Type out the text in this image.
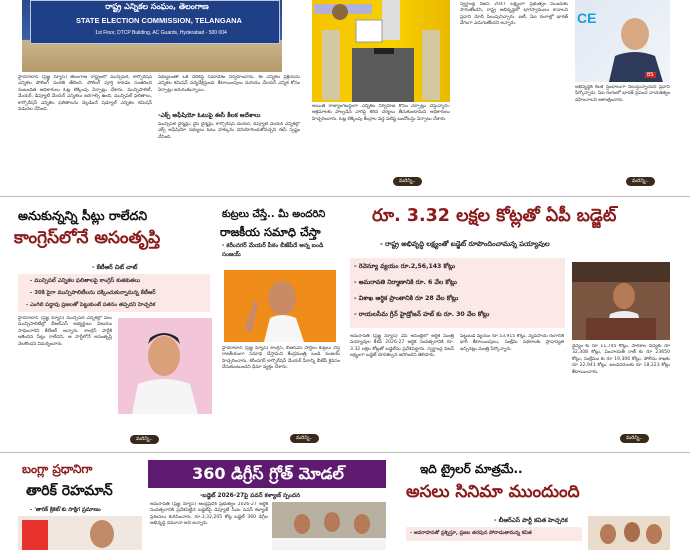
రాష్ట్ర ఎన్నికల సంఘం, తెలంగాణ
STATE ELECTION COMMISSION, TELANGANA
1st Floor, DTCP Building, AC Guards, Hyderabad - 500 004
CE
BS
హైదరాబాద్ (ప్రజ్ఞ న్యూస్) తెలంగాణ రాష్ట్రంలో మున్సిపల్, కార్పొరేషన్ ఎన్నికల పోలింగ్ సంగతి తేలింది. పోలింగ్ పూర్తి కావడం సంతరించి సంబంధిత అధికారులు ఓట్ల లెక్కింపు ఏర్పాట్లు చేశారు. మున్సిపాలిటీ, మేయర్, డిప్యూటీ మేయర్ ఎన్నికలు జరగాల్సి ఉంది. మున్సిపల్ ఫలితాలు, కార్పొరేషన్ ఎన్నికల ఫలితాలను వెల్లడించే షెడ్యూల్ ఎన్నికల కమిషన్ విడుదల చేసింది.
సభ్యులంతా ఒకే వేదికపై సమావేశం నిర్వహించారు. ఈ ఎన్నికల ప్రక్రియను ఎన్నికల కమిషన్ పర్యవేక్షిస్తుంది. కేటాయింపులు మరియు మేయర్ ఎన్నిక కోసం ఏర్పాట్లు జరుగుతున్నాయి.
-ఎక్స్ అఫీషియో ఓటుపై ఈసీ కీలక ఆదేశాలు
మున్సిపల్ చైర్మన్లు, వైస్ చైర్మన్లు, కార్పొరేషన్ మేయర్, డిప్యూటీ మేయర్ ఎన్నికల్లో ఎక్స్ అఫీషియో సభ్యులు ఓటు హక్కును వినియోగించుకోవచ్చని ఈసీ స్పష్టం చేసింది.
అయితే రాజ్యాంగబద్ధంగా ఎన్నికల నిర్వహణ కోసం ఏర్పాట్లు చేస్తున్నారు. అక్రమాలకు పాల్పడిన వారిపై కఠిన చర్యలు తీసుకుంటామని అధికారులు హెచ్చరించారు. ఓట్ల లెక్కింపు కేంద్రాల వద్ద పటిష్ట బందోబస్తు ఏర్పాటు చేశారు.
స్వర్ణాంధ్ర విజన్ 2047 లక్ష్యంగా ప్రభుత్వం ముందుకు సాగుతోందని, రాష్ట్ర అభివృద్ధిలో భాగస్వాములు కావాలని ప్రధాని మోదీ పిలుపునిచ్చారు. ఐటీ, ఏఐ రంగాల్లో భారత్ వేగంగా ఎదుగుతోందని అన్నారు.
అభివృద్ధికి కీలక స్తంభాలుగా నిలుస్తున్నాయని ప్రధాని పేర్కొన్నారు. ఏఐ రంగంలో భారత్ ప్రపంచ నాయకత్వం వహించాలని ఆకాంక్షించారు.
మరిన్ని..	మరిన్ని..
అనుకున్నన్ని సీట్లు రాలేదని
కాంగ్రెస్‌లోనే అసంతృప్తి
- కేటీఆర్ చిట్ చాట్
- మున్సిపల్ ఎన్నికల ఫలితాలపై కాంగ్రెస్ కుతకుతలు
- 30కి పైగా మున్సిపాలిటీలను దక్కించుకున్నామన్న కేటీఆర్
- ఎంగిలి పడ్డావు ప్రజలతో పెట్టుకుంటే పతనం తప్పదని హెచ్చరిక
హైదరాబాద్ (ప్రజ్ఞ న్యూస్) మున్సిపల్ ఎన్నికల్లో పలు మున్సిపాలిటీల్లో బీఆర్ఎస్ అభ్యర్థులు విజయం సాధించారని కేటీఆర్ అన్నారు. కాంగ్రెస్ పార్టీకి ఆశించిన సీట్లు రాలేదని, ఆ పార్టీలోనే అసంతృప్తి నెలకొందని విమర్శించారు.
మరిన్ని..
కుట్రలు చేస్తే.. మీ అందరిని
రాజకీయ సమాధి చేస్తా
- కరీంనగర్ మేయర్ పీఠం బీజేపీదే అన్న బండి సంజయ్
హైదరాబాద్ (ప్రజ్ఞ న్యూస్) కాంగ్రెస్, బీఆర్ఎస్ పార్టీలు కుట్రలు చేస్తే రాజకీయంగా సమాధి చేస్తామని కేంద్రమంత్రి బండి సంజయ్ హెచ్చరించారు. కరీంనగర్ కార్పొరేషన్ మేయర్ పీఠాన్ని బీజేపీ కైవసం చేసుకుంటుందని ధీమా వ్యక్తం చేశారు.
మరిన్ని..
రూ. 3.32 లక్షల కోట్లతో ఏపీ బడ్జెట్
- రాష్ట్ర అభివృద్ధి లక్ష్యంతో బడ్జెట్ రూపొందించామన్న పయ్యావుల
- రెవెన్యూ వ్యయం రూ.2,56,143 కోట్లు
- అమరావతి నిర్మాణానికి రూ. 6 వేల కోట్లు
- విశాఖ ఆర్థిక ప్రాంతానికి రూ 28 వేల కోట్లు
- రాయలసీమ గ్రీన్ హైడ్రోజన్ హబ్ కు రూ. 30 వేల కోట్లు
అమరావతి (ప్రజ్ఞ న్యూస్) ఏపీ అసెంబ్లీలో ఆర్థిక మంత్రి పయ్యావుల కేశవ్ 2026-27 ఆర్థిక సంవత్సరానికి రూ. 3.32 లక్షల కోట్లతో బడ్జెట్‌ను ప్రవేశపెట్టారు. స్వర్ణాంధ్ర విజన్ లక్ష్యంగా బడ్జెట్ రూపకల్పన జరిగిందని తెలిపారు.
పెట్టుబడి వ్యయం రూ.53,915 కోట్లు, వ్యవసాయ రంగానికి భారీ కేటాయింపులు, సంక్షేమ పథకాలకు ప్రాధాన్యత ఇచ్చినట్లు మంత్రి పేర్కొన్నారు.
వైద్యం కు రూ 11,745 కోట్లు, పాఠశాల విద్యకు రూ 32,308 కోట్లు, పంచాయతీ రాజ్ కు రూ 23650 కోట్లు, సంక్షేమం కు రూ 19,306 కోట్లు, పోలీసు శాఖకు రూ 22,941 కోట్లు, జలవనరులకు రూ 18,223 కోట్లు కేటాయించారు.
మరిన్ని..
బంగ్లా ప్రధానిగా
తారిక్ రెహమాన్
- 'తారిక్ క్రికెట్'కు సాక్షిగ ప్రమాణం
360 డిగ్రీస్ గ్రోత్ మోడల్
-బడ్జెట్ 2026-27పై పవన్ కళ్యాణ్ స్పందన
అమరావతి (ప్రజ్ఞ న్యూస్) ఆంధ్రప్రదేశ్ ప్రభుత్వం 2026-27 ఆర్థిక సంవత్సరానికి ప్రవేశపెట్టిన బడ్జెట్‌పై డిప్యూటీ సీఎం పవన్ కళ్యాణ్ ప్రశంసలు కురిపించారు. రూ.3,32,205 కోట్ల బడ్జెట్ 360 డిగ్రీల అభివృద్ధి నమూనా అని అన్నారు.
ఇది ట్రైలర్ మాత్రమే..
అసలు సినిమా ముందుంది
- బీఆర్ఎస్ పార్టీ కవిత హెచ్చరిక
- అవగాహనతో ప్రశ్నిస్తూ, ప్రజల తరపున పోరాడుతామన్న కవిత
